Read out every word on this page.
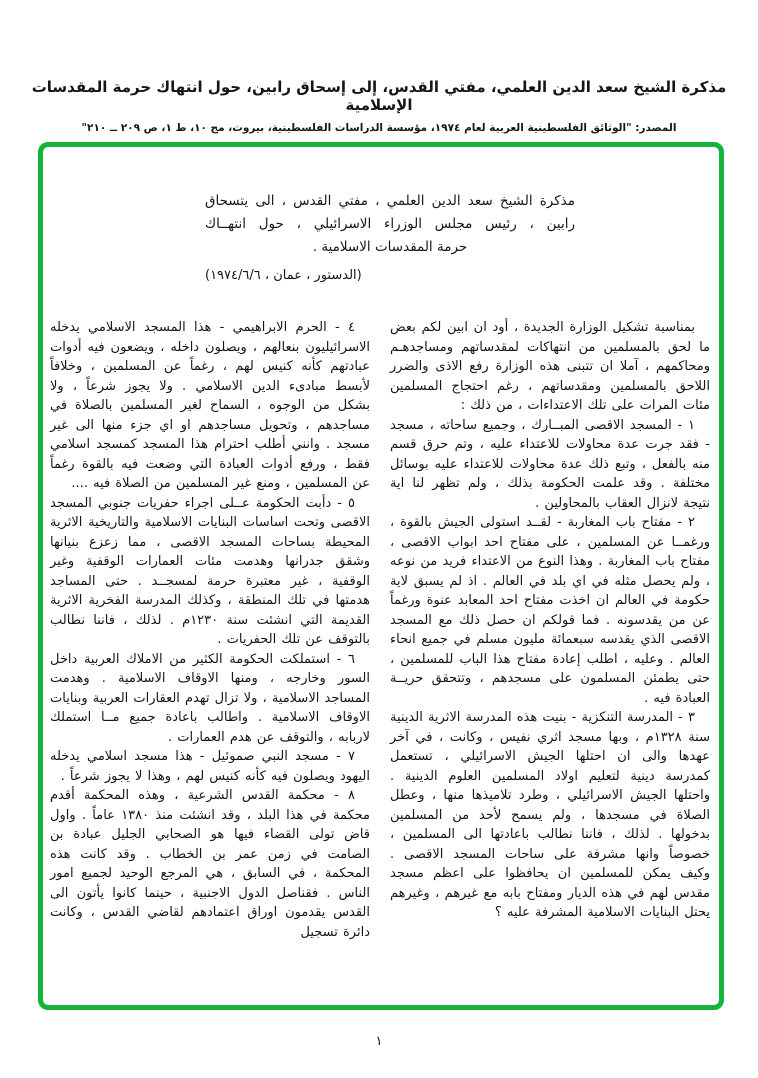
مذكرة الشيخ سعد الدين العلمي، مفتي القدس، إلى إسحاق رابين، حول انتهاك حرمة المقدسات الإسلامية
المصدر: "الوثائق الفلسطينية العربية لعام ١٩٧٤، مؤسسة الدراسات الفلسطينية، بيروت، مج ١٠، ط ١، ص ٢٠٩ ــ ٢١٠"
مذكرة الشيخ سعد الدين العلمي ، مفتي القدس ، الى يتسحاق
رابين ، رئيس مجلس الوزراء الاسرائيلي ، حول انتهــاك
حرمة المقدسات الاسلامية .
(الدستور ، عمان ، ١٩٧٤/٦/٦)

بمناسبة تشكيل الوزارة الجديدة ، أود ان ابين لكم بعض ما لحق بالمسلمين من انتهاكات لمقدساتهم ومساجدهـم ومحاكمهم ، آملا ان تتبنى هذه الوزارة رفع الاذى والضرر اللاحق بالمسلمين ومقدساتهم ، رغم احتجاج المسلمين مئات المرات على تلك الاعتداءات ، من ذلك :

١ - المسجد الاقصى المبــارك ، وجميع ساحاته ، مسجد - فقد جرت عدة محاولات للاعتداء عليه ، وتم حرق قسم منه بالفعل ، وتبع ذلك عدة محاولات للاعتداء عليه بوسائل مختلفة . وقد علمت الحكومة بذلك ، ولم تظهر لنا اية نتيجة لانزال العقاب بالمحاولين .

٢ - مفتاح باب المغاربة - لقــد استولى الجيش بالقوة ، ورغمــا عن المسلمين ، على مفتاح احد ابواب الاقصى ، مفتاح باب المغاربة . وهذا النوع من الاعتداء فريد من نوعه ، ولم يحصل مثله في اي بلد في العالم . اذ لم يسبق لاية حكومة في العالم ان اخذت مفتاح احد المعابد عنوة ورغماً عن من يقدسونه . فما قولكم ان حصل ذلك مع المسجد الاقصى الذي يقدسه سبعمائة مليون مسلم في جميع انحاء العالم . وعليه ، اطلب إعادة مفتاح هذا الباب للمسلمين ، حتى يطمئن المسلمون على مسجدهم ، وتتحقق حريــة العبادة فيه .

٣ - المدرسة التنكزية - بنيت هذه المدرسة الاثرية الدينية سنة ١٣٢٨م ، وبها مسجد اثري نفيس ، وكانت ، في آخر عهدها والى ان احتلها الجيش الاسرائيلي ، تستعمل كمدرسة دينية لتعليم اولاد المسلمين العلوم الدينية . واحتلها الجيش الاسرائيلي ، وطرد تلاميذها منها ، وعطل الصلاة في مسجدها ، ولم يسمح لأحد من المسلمين بدخولها . لذلك ، فاننا نطالب باعادتها الى المسلمين ، خصوصاً وانها مشرفة على ساحات المسجد الاقصى . وكيف يمكن للمسلمين ان يحافظوا على اعظم مسجد مقدس لهم في هذه الديار ومفتاح بابه مع غيرهم ، وغيرهم يحتل البنايات الاسلامية المشرفة عليه ؟

٤ - الحرم الابراهيمي - هذا المسجد الاسلامي يدخله الاسرائيليون بنعالهم ، ويصلون داخله ، ويضعون فيه أدوات عبادتهم كأنه كنيس لهم ، رغماً عن المسلمين ، وخلافاً لأبسط مبادىء الدين الاسلامي . ولا يجوز شرعاً ، ولا بشكل من الوجوه ، السماح لغير المسلمين بالصلاة في مساجدهم ، وتحويل مساجدهم او اي جزء منها الى غير مسجد . وانني أطلب احترام هذا المسجد كمسجد اسلامي فقط ، ورفع أدوات العبادة التي وضعت فيه بالقوة رغماً عن المسلمين ، ومنع غير المسلمين من الصلاة فيه ....

٥ - دأبت الحكومة عــلى اجراء حفريات جنوبي المسجد الاقصى وتحت اساسات البنايات الاسلامية والتاريخية الاثرية المحيطة بساحات المسجد الاقصى ، مما زعزع بنيانها وشقق جدرانها وهدمت مئات العمارات الوقفية وغير الوقفية ، غير معتبرة حرمة لمسجــد . حتى المساجد هدمتها في تلك المنطقة ، وكذلك المدرسة الفخرية الاثرية القديمة التي انشئت سنة ١٢٣٠م . لذلك ، فاننا نطالب بالتوقف عن تلك الحفريات .

٦ - استملكت الحكومة الكثير من الاملاك العربية داخل السور وخارجه ، ومنها الاوقاف الاسلامية . وهدمت المساجد الاسلامية ، ولا تزال تهدم العقارات العربية وبنايات الاوقاف الاسلامية . واطالب باعادة جميع مــا استملك لاربابه ، والتوقف عن هدم العمارات .

٧ - مسجد النبي صموئيل - هذا مسجد اسلامي يدخله اليهود ويصلون فيه كأنه كنيس لهم ، وهذا لا يجوز شرعاً .

٨ - محكمة القدس الشرعية ، وهذه المحكمة أقدم محكمة في هذا البلد ، وقد انشئت منذ ١٣٨٠ عاماً . واول قاض تولى القضاء فيها هو الصحابي الجليل عبادة بن الصامت في زمن عمر بن الخطاب . وقد كانت هذه المحكمة ، في السابق ، هي المرجع الوحيد لجميع امور الناس . فقناصل الدول الاجنبية ، حينما كانوا يأتون الى القدس يقدمون اوراق اعتمادهم لقاضي القدس ، وكانت دائرة تسجيل

١
